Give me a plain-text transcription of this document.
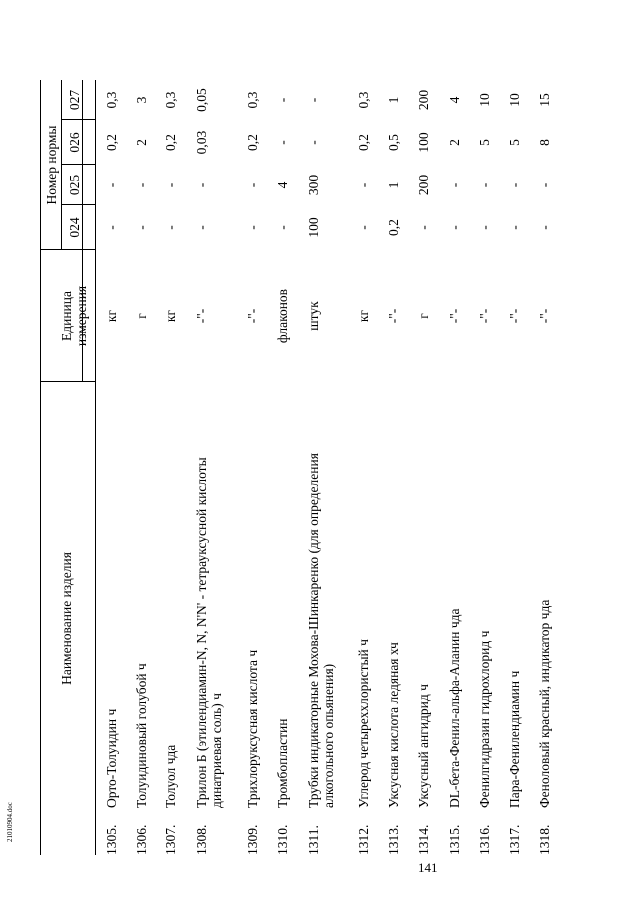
141
21010904.doc
Наименование изделия
Единица измерения
Номер нормы
024
025
026
027
1305.
Орто-Толуидин ч
кг
-
-
0,2
0,3
1306.
Толуидиновый голубой ч
г
-
-
2
3
1307.
Толуол чда
кг
-
-
0,2
0,3
1308.
Трилон Б (этилендиамин-N, N, N'N' - тетрауксусной кислоты динатриевая соль) ч
-"-
-
-
0,03
0,05
1309.
Трихлоруксусная кислота ч
-"-
-
-
0,2
0,3
1310.
Тромбопластин
флаконов
-
4
-
-
1311.
Трубки индикаторные Мохова-Шинкаренко (для определения алкогольного опьянения)
штук
100
300
-
-
1312.
Углерод четыреххлористый ч
кг
-
-
0,2
0,3
1313.
Уксусная кислота ледяная хч
-"-
0,2
1
0,5
1
1314.
Уксусный ангидрид ч
г
-
200
100
200
1315.
DL-бета-Фенил-альфа-Аланин чда
-"-
-
-
2
4
1316.
Фенилгидразин гидрохлорид ч
-"-
-
-
5
10
1317.
Пара-Фенилендиамин ч
-"-
-
-
5
10
1318.
Феноловый красный, индикатор чда
-"-
-
-
8
15
